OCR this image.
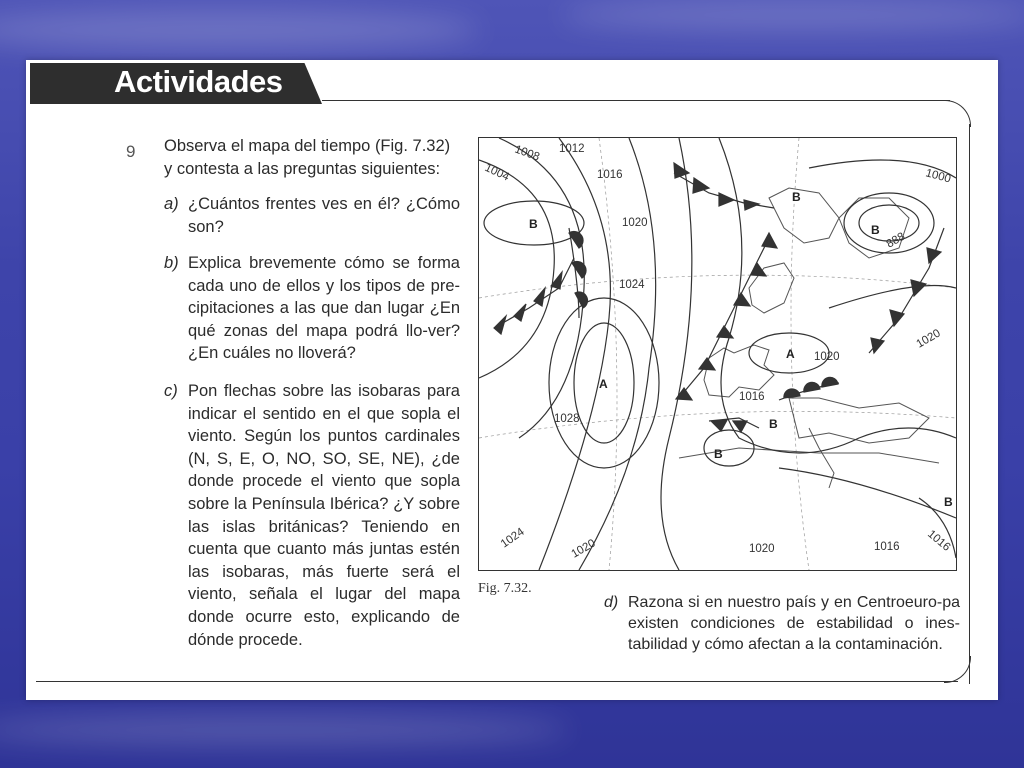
Actividades
9 Observa el mapa del tiempo (Fig. 7.32)
y contesta a las preguntas siguientes:
a) ¿Cuántos frentes ves en él? ¿Cómo son?
b) Explica brevemente cómo se forma cada uno de ellos y los tipos de pre-cipitaciones a las que dan lugar ¿En qué zonas del mapa podrá llo-ver? ¿En cuáles no lloverá?
c) Pon flechas sobre las isobaras para indicar el sentido en el que sopla el viento. Según los puntos cardinales (N, S, E, O, NO, SO, SE, NE), ¿de donde procede el viento que sopla sobre la Península Ibérica? ¿Y sobre las islas británicas? Teniendo en cuenta que cuanto más juntas estén las isobaras, más fuerte será el viento, señala el lugar del mapa donde ocurre esto, explicando de dónde procede.
d) Razona si en nuestro país y en Centroeuro-pa existen condiciones de estabilidad o ines-tabilidad y cómo afectan a la contaminación.
B
B
B
A
A
B
B
B
1008 1012
1004	1016
1020
1024
1028
1000
888
1020
1016
1020
1024	1020	1020	1016 1016
Fig. 7.32.
